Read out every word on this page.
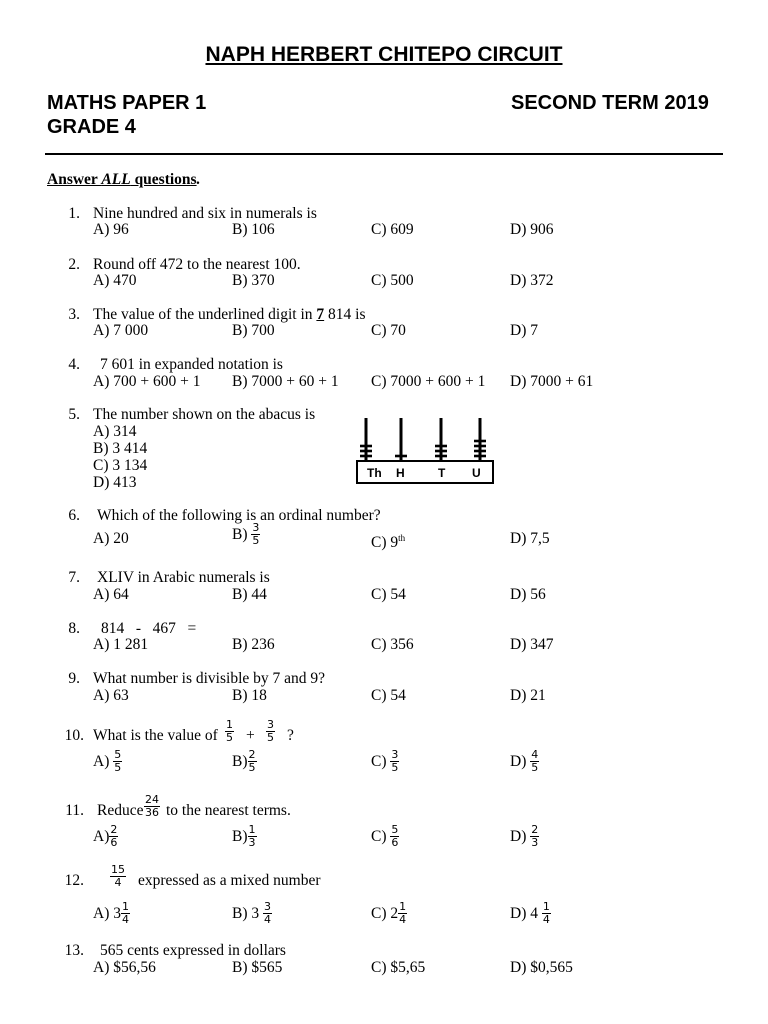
NAPH HERBERT CHITEPO CIRCUIT
MATHS PAPER 1
GRADE 4
SECOND TERM 2019
Answer ALL questions .
1. Nine hundred and six in numerals is
A) 96	B) 106	C) 609	D) 906
2. Round off 472 to the nearest 100.
A) 470	B) 370	C) 500	D) 372
3. The value of the underlined digit in 7 814 is
A) 7 000	B) 700	C) 70	D) 7
4. 7 601 in expanded notation is
A) 700 + 600 + 1 B) 7000 + 60 + 1 C) 7000 + 600 + 1 D) 7000 + 61
5. The number shown on the abacus is
A) 314
B) 3 414
C) 3 134
D) 413
Th H	T U
6. Which of the following is an ordinal number?
A) 20	$B) \frac{3}{5}$	C) 9th	D) 7,5
7. XLIV in Arabic numerals is
A) 64	B) 44	C) 54	D) 56
8. 814   -   467   =
A) 1 281	B) 236	C) 356	D) 347
9. What number is divisible by 7 and 9?
A) 63	B) 18	C) 54	D) 21
10. What is the value of $\frac{1}{5} + \frac{3}{5}$ ?
$A) \frac{5}{5}$	$B) \frac{2}{5}$	$C) \frac{3}{5}$	$D) \frac{4}{5}$
11. Reduce $\frac{24}{36}$ to the nearest terms.
$A) \frac{2}{6}$	$B) \frac{1}{3}$	$C) \frac{5}{6}$	$D) \frac{2}{3}$
12. $\frac{15}{4}$ expressed as a mixed number
A) $3 \frac{1}{4}$	B) $3 \frac{3}{4}$	C) $2 \frac{1}{4}$	D) $4 \frac{1}{4}$
13. 565 cents expressed in dollars
A) $56,56	B) $565	C) $5,65	D) $0,565
